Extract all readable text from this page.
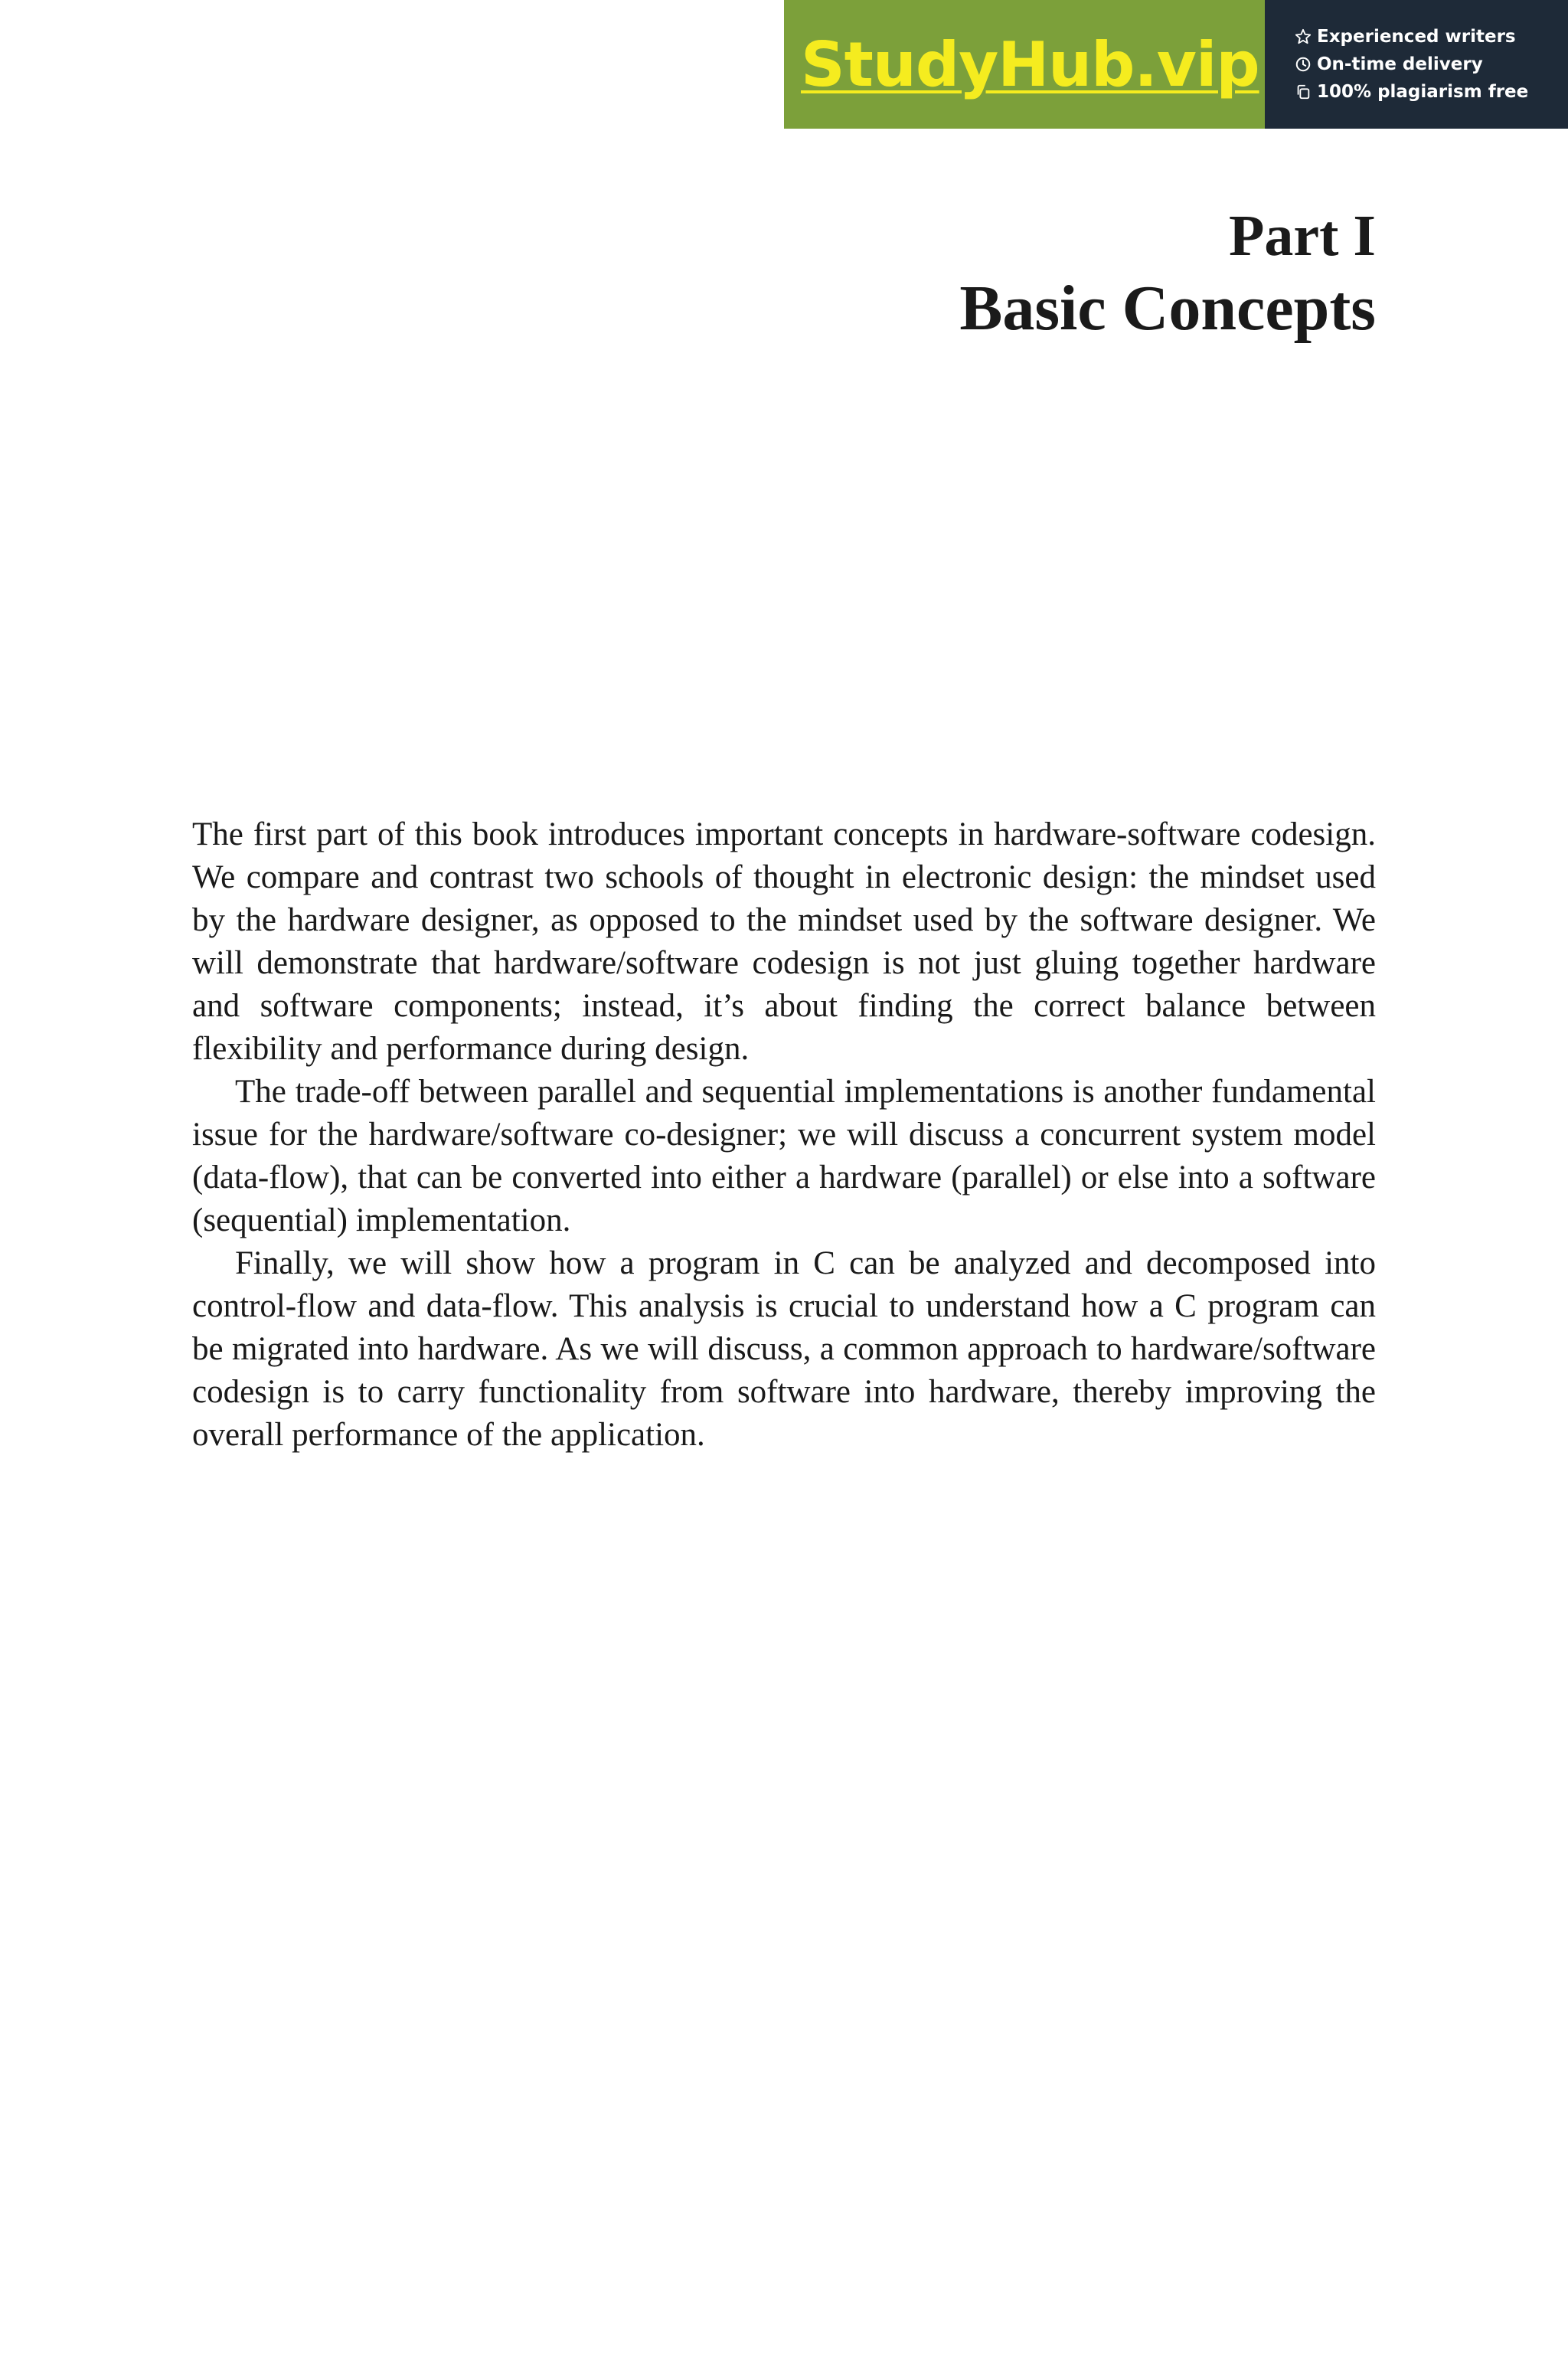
StudyHub.vip	Experienced writers
On-time delivery
100% plagiarism free
Part I
Basic Concepts

The first part of this book introduces important concepts in hardware-software codesign. We compare and contrast two schools of thought in electronic design: the mindset used by the hardware designer, as opposed to the mindset used by the software designer. We will demonstrate that hardware/software codesign is not just gluing together hardware and software components; instead, it’s about finding the correct balance between flexibility and performance during design.

The trade-off between parallel and sequential implementations is another fundamental issue for the hardware/software co-designer; we will discuss a concurrent system model (data-flow), that can be converted into either a hardware (parallel) or else into a software (sequential) implementation.

Finally, we will show how a program in C can be analyzed and decomposed into control-flow and data-flow. This analysis is crucial to understand how a C program can be migrated into hardware. As we will discuss, a common approach to hardware/software codesign is to carry functionality from software into hardware, thereby improving the overall performance of the application.
